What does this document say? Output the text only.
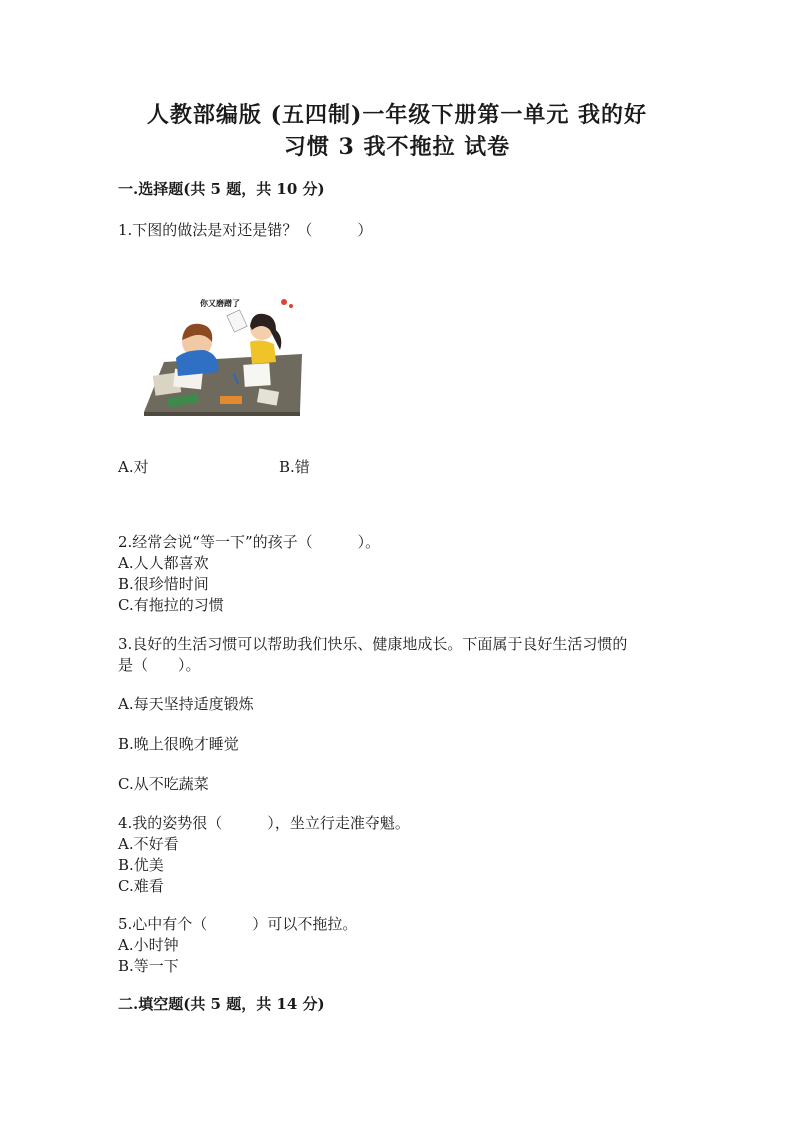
人教部编版 (五四制)一年级下册第一单元 我的好
习惯 3 我不拖拉 试卷
一.选择题(共 5 题，共 10 分)
1.下图的做法是对还是错？（　　　）
你又磨蹭了
A.对	B.错
2.经常会说“等一下”的孩子（　　　）。
A.人人都喜欢
B.很珍惜时间
C.有拖拉的习惯
3.良好的生活习惯可以帮助我们快乐、健康地成长。下面属于良好生活习惯的
是（　　）。
A.每天坚持适度锻炼
B.晚上很晚才睡觉
C.从不吃蔬菜
4.我的姿势很（　　　），坐立行走准夺魁。
A.不好看
B.优美
C.难看
5.心中有个（　　　）可以不拖拉。
A.小时钟
B.等一下
二.填空题(共 5 题，共 14 分)
